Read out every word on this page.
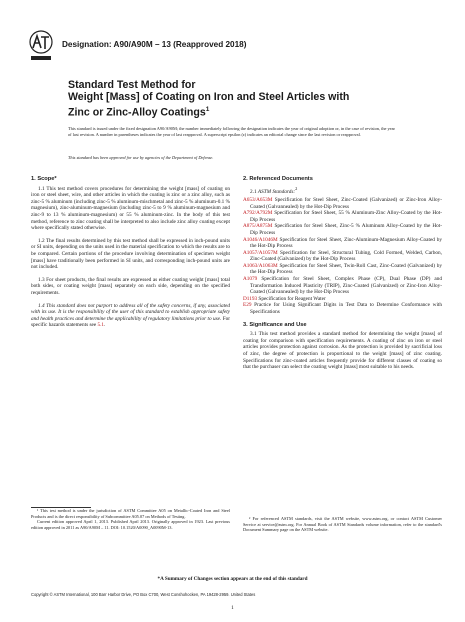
Designation: A90/A90M – 13 (Reapproved 2018)
Standard Test Method for
Weight [Mass] of Coating on Iron and Steel Articles with
Zinc or Zinc-Alloy Coatings$^1$
This standard is issued under the fixed designation A90/A90M; the number immediately following the designation indicates the year of original adoption or, in the case of revision, the year of last revision. A number in parentheses indicates the year of last reapproval. A superscript epsilon (ε) indicates an editorial change since the last revision or reapproval.
This standard has been approved for use by agencies of the Department of Defense.
1. Scope*

1.1 This test method covers procedures for determining the weight [mass] of coating on iron or steel sheet, wire, and other articles in which the coating is zinc or a zinc alloy, such as zinc-5 % aluminum (including zinc-5 % aluminum-mischmetal and zinc-5 % aluminum-0.1 % magnesium), zinc-aluminum-magnesium (including zinc-5 to 9 % aluminum-magnesium and zinc-9 to 13 % aluminum-magnesium) or 55 % aluminum-zinc. In the body of this test method, reference to zinc coating shall be interpreted to also include zinc alloy coating except where specifically stated otherwise.

1.2 The final results determined by this test method shall be expressed in inch-pound units or SI units, depending on the units used in the material specification to which the results are to be compared. Certain portions of the procedure involving determination of specimen weight [mass] have traditionally been performed in SI units, and corresponding inch-pound units are not included.

1.3 For sheet products, the final results are expressed as either coating weight [mass] total both sides, or coating weight [mass] separately on each side, depending on the specified requirements.

1.4 This standard does not purport to address all of the safety concerns, if any, associated with its use. It is the responsibility of the user of this standard to establish appropriate safety and health practices and determine the applicability of regulatory limitations prior to use. For specific hazards statements see 5.1.

2. Referenced Documents
2.1 ASTM Standards:$^2$
A653/A653M Specification for Steel Sheet, Zinc-Coated (Galvanized) or Zinc-Iron Alloy-Coated (Galvannealed) by the Hot-Dip Process
A792/A792M Specification for Steel Sheet, 55 % Aluminum-Zinc Alloy-Coated by the Hot-Dip Process
A875/A875M Specification for Steel Sheet, Zinc-5 % Aluminum Alloy-Coated by the Hot-Dip Process
A1046/A1046M Specification for Steel Sheet, Zinc-Aluminum-Magnesium Alloy-Coated by the Hot-Dip Process
A1057/A1057M Specification for Steel, Structural Tubing, Cold Formed, Welded, Carbon, Zinc-Coated (Galvanized) by the Hot-Dip Process
A1063/A1063M Specification for Steel Sheet, Twin-Roll Cast, Zinc-Coated (Galvanized) by the Hot-Dip Process
A1079 Specification for Steel Sheet, Complex Phase (CP), Dual Phase (DP) and Transformation Induced Plasticity (TRIP), Zinc-Coated (Galvanized) or Zinc-Iron Alloy-Coated (Galvannealed) by the Hot-Dip Process
D1193 Specification for Reagent Water
E29 Practice for Using Significant Digits in Test Data to Determine Conformance with Specifications
3. Significance and Use

3.1 This test method provides a standard method for determining the weight [mass] of coating for comparison with specification requirements. A coating of zinc on iron or steel articles provides protection against corrosion. As the protection is provided by sacrificial loss of zinc, the degree of protection is proportional to the weight [mass] of zinc coating. Specifications for zinc-coated articles frequently provide for different classes of coating so that the purchaser can select the coating weight [mass] most suitable to his needs.

¹ This test method is under the jurisdiction of ASTM Committee A05 on Metallic-Coated Iron and Steel Products and is the direct responsibility of Subcommittee A05.07 on Methods of Testing.

Current edition approved April 1, 2013. Published April 2013. Originally approved in 1923. Last previous edition approved in 2011 as A90/A90M – 11. DOI: 10.1520/A0090_A0090M-13.

² For referenced ASTM standards, visit the ASTM website, www.astm.org, or contact ASTM Customer Service at service@astm.org. For Annual Book of ASTM Standards volume information, refer to the standard's Document Summary page on the ASTM website.

*A Summary of Changes section appears at the end of this standard
Copyright © ASTM International, 100 Barr Harbor Drive, PO Box C700, West Conshohocken, PA 19428-2959. United States
1
